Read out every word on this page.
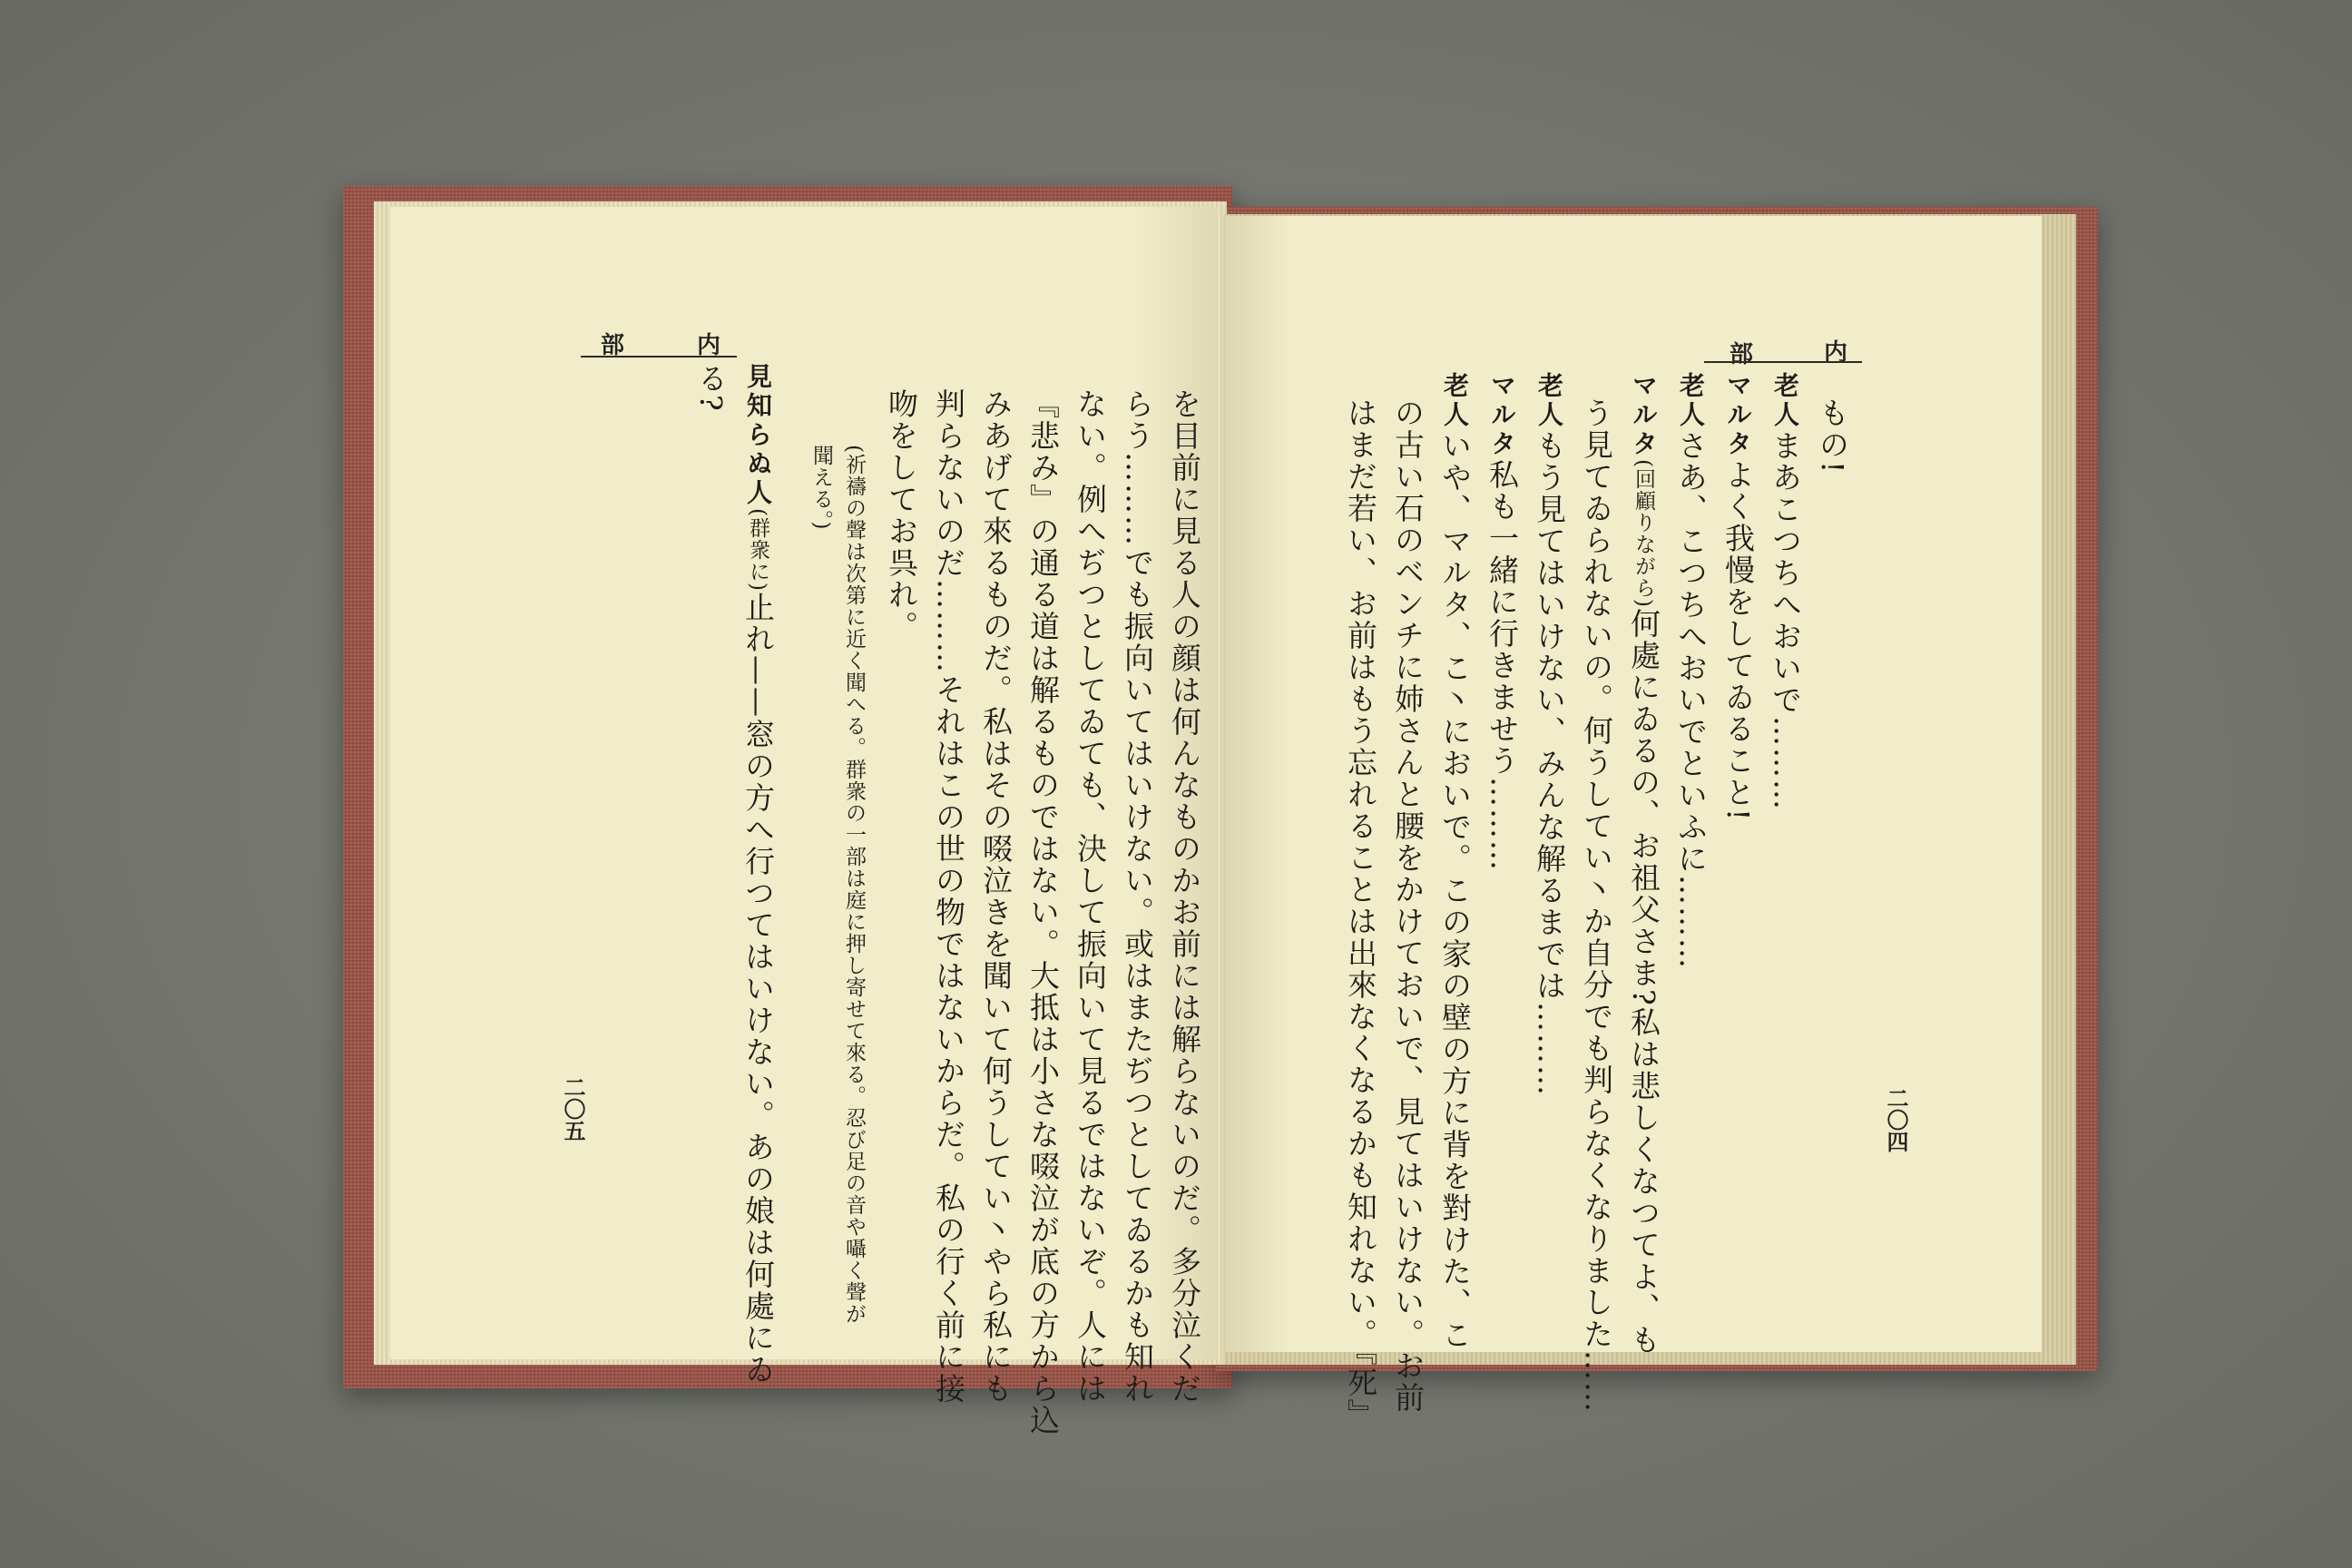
部	内
を目前に見る人の顔は何んなものかお前には解らないのだ。多分泣くだ
らう………でも振向いてはいけない。或はまたぢつとしてゐるかも知れ
ない。例へぢつとしてゐても、決して振向いて見るではないぞ。人には
『悲み』の通る道は解るものではない。大抵は小さな啜泣が底の方から込
みあげて來るものだ。私はその啜泣きを聞いて何うしてい丶やら私にも
判らないのだ………それはこの世の物ではないからだ。私の行く前に接
吻をしてお呉れ。
(祈禱の聲は次第に近く聞へる。群衆の一部は庭に押し寄せて來る。忍び足の音や囁く聲が
聞える。)
見知らぬ人(群衆に)止れ——窓の方へ行つてはいけない。あの娘は何處にゐ
る?
二〇五
部	内
もの!
老人まあこつちへおいで………
マルタよく我慢をしてゐること!
老人さあ、こつちへおいでといふに………
マルタ(回顧りながら)何處にゐるの、お祖父さま?私は悲しくなつてよ、も
う見てゐられないの。何うしてい丶か自分でも判らなくなりました……
老人もう見てはいけない、みんな解るまでは………
マルタ私も一緒に行きませう………
老人いや、マルタ、こ丶においで。この家の壁の方に背を對けた、こ
の古い石のベンチに姉さんと腰をかけておいで、見てはいけない。お前
はまだ若い、お前はもう忘れることは出來なくなるかも知れない。『死』	二〇四
